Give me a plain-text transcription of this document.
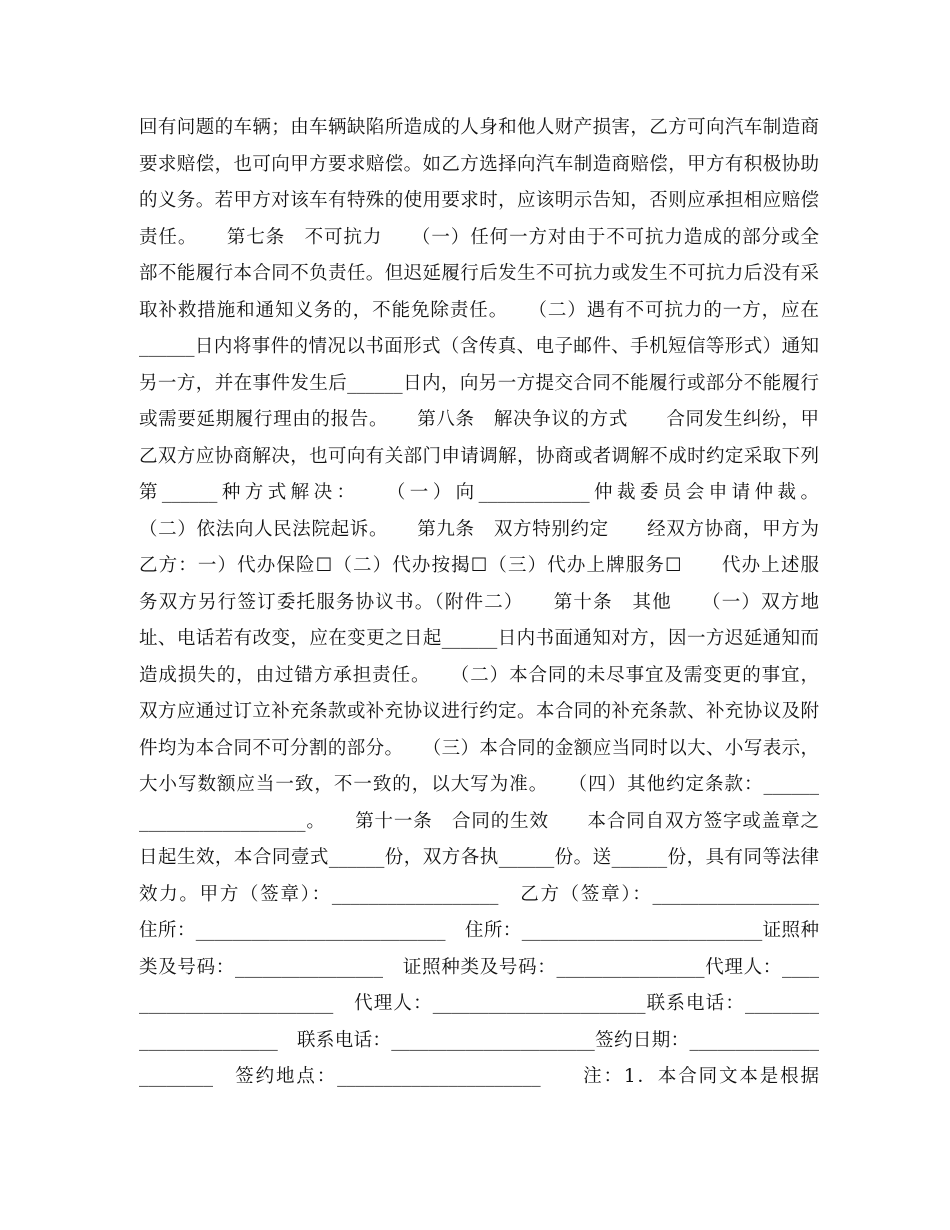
回有问题的车辆；由车辆缺陷所造成的人身和他人财产损害，乙方可向汽车制造商
要求赔偿，也可向甲方要求赔偿。如乙方选择向汽车制造商赔偿，甲方有积极协助
的义务。若甲方对该车有特殊的使用要求时，应该明示告知，否则应承担相应赔偿
责任。　　第七条　不可抗力　　（一）任何一方对由于不可抗力造成的部分或全
部不能履行本合同不负责任。但迟延履行后发生不可抗力或发生不可抗力后没有采
取补救措施和通知义务的，不能免除责任。　　（二）遇有不可抗力的一方，应在
______日内将事件的情况以书面形式（含传真、电子邮件、手机短信等形式）通知
另一方，并在事件发生后______日内，向另一方提交合同不能履行或部分不能履行
或需要延期履行理由的报告。　　第八条　解决争议的方式　　合同发生纠纷，甲
乙双方应协商解决，也可向有关部门申请调解，协商或者调解不成时约定采取下列
第______种方式解决：　　（一）向____________仲裁委员会申请仲裁。
（二）依法向人民法院起诉。　　第九条　双方特别约定　　经双方协商，甲方为
乙方：一）代办保险☐（二）代办按揭☐（三）代办上牌服务☐　　代办上述服
务双方另行签订委托服务协议书。（附件二）　　第十条　其他　　（一）双方地
址、电话若有改变，应在变更之日起______日内书面通知对方，因一方迟延通知而
造成损失的，由过错方承担责任。　　（二）本合同的未尽事宜及需变更的事宜，
双方应通过订立补充条款或补充协议进行约定。本合同的补充条款、补充协议及附
件均为本合同不可分割的部分。　　（三）本合同的金额应当同时以大、小写表示，
大小写数额应当一致，不一致的，以大写为准。　　（四）其他约定条款：______
__________________。　　第十一条　合同的生效　　本合同自双方签字或盖章之
日起生效，本合同壹式______份，双方各执______份。送______份，具有同等法律
效力。甲方（签章）：__________________　乙方（签章）：__________________
住所：___________________________　住所：__________________________证照种
类及号码：________________　证照种类及号码：________________代理人：____
_____________________　代理人：_______________________联系电话：________
_______________　联系电话：______________________签约日期：______________
________　签约地点：______________________　　注：1．本合同文本是根据
